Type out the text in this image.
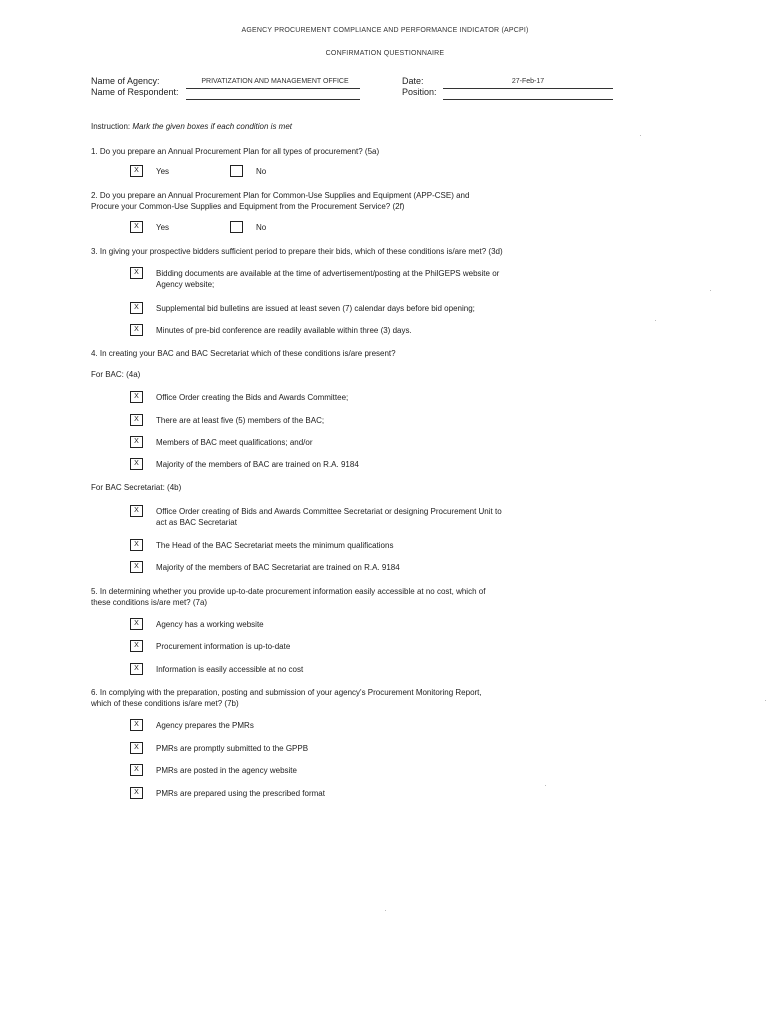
AGENCY PROCUREMENT COMPLIANCE AND PERFORMANCE INDICATOR (APCPI)
CONFIRMATION QUESTIONNAIRE
Name of Agency:	PRIVATIZATION AND MANAGEMENT OFFICE
Name of Respondent:
Date:	27-Feb-17
Position:
Instruction: Mark the given boxes if each condition is met
1. Do you prepare an Annual Procurement Plan for all types of procurement? (5a)
X	Yes	No
2. Do you prepare an Annual Procurement Plan for Common-Use Supplies and Equipment (APP-CSE) and
Procure your Common-Use Supplies and Equipment from the Procurement Service? (2f)
X	Yes	No
3. In giving your prospective bidders sufficient period to prepare their bids, which of these conditions is/are met? (3d)
X	Bidding documents are available at the time of advertisement/posting at the PhilGEPS website or
Agency website;
X	Supplemental bid bulletins are issued at least seven (7) calendar days before bid opening;
X	Minutes of pre-bid conference are readily available within three (3) days.
4. In creating your BAC and BAC Secretariat which of these conditions is/are present?
For BAC: (4a)
X	Office Order creating the Bids and Awards Committee;
X	There are at least five (5) members of the BAC;
X	Members of BAC meet qualifications; and/or
X	Majority of the members of BAC are trained on R.A. 9184
For BAC Secretariat: (4b)
X	Office Order creating of Bids and Awards Committee Secretariat or designing Procurement Unit to
act as BAC Secretariat
X	The Head of the BAC Secretariat meets the minimum qualifications
X	Majority of the members of BAC Secretariat are trained on R.A. 9184
5. In determining whether you provide up-to-date procurement information easily accessible at no cost, which of
these conditions is/are met? (7a)
X	Agency has a working website
X	Procurement information is up-to-date
X	Information is easily accessible at no cost
6. In complying with the preparation, posting and submission of your agency's Procurement Monitoring Report,
which of these conditions is/are met? (7b)
X	Agency prepares the PMRs
X	PMRs are promptly submitted to the GPPB
X	PMRs are posted in the agency website
X	PMRs are prepared using the prescribed format
